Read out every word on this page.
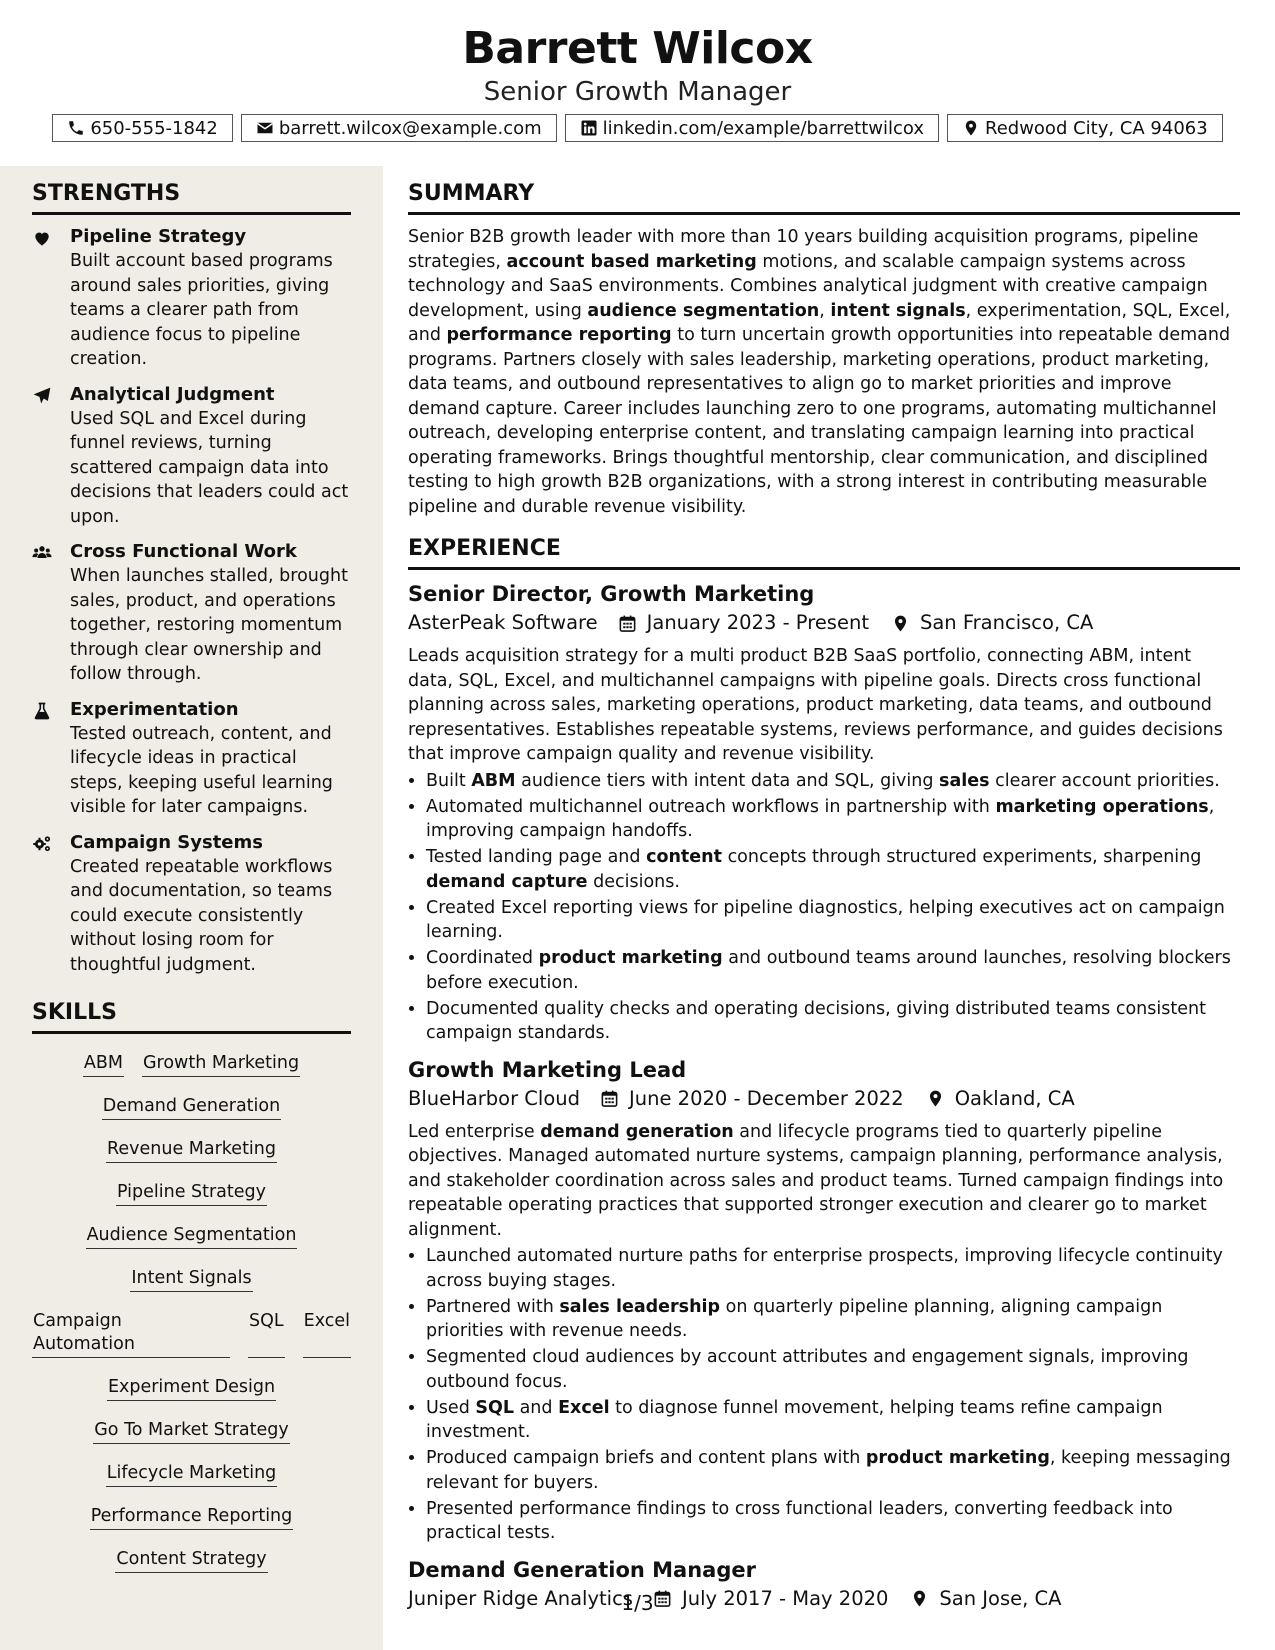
Barrett Wilcox
Senior Growth Manager
650-555-1842	barrett.wilcox@example.com	linkedin.com/example/barrettwilcox	Redwood City, CA 94063
STRENGTHS
Pipeline Strategy
Built account based programs around sales priorities, giving teams a clearer path from audience focus to pipeline creation.
Analytical Judgment
Used SQL and Excel during funnel reviews, turning scattered campaign data into decisions that leaders could act upon.
Cross Functional Work
When launches stalled, brought sales, product, and operations together, restoring momentum through clear ownership and follow through.
Experimentation
Tested outreach, content, and lifecycle ideas in practical steps, keeping useful learning visible for later campaigns.
Campaign Systems
Created repeatable workflows and documentation, so teams could execute consistently without losing room for thoughtful judgment.
SKILLS
ABM Growth Marketing
Demand Generation
Revenue Marketing
Pipeline Strategy
Audience Segmentation
Intent Signals
Campaign Automation
SQL Excel
Experiment Design
Go To Market Strategy
Lifecycle Marketing
Performance Reporting
Content Strategy
SUMMARY
Senior B2B growth leader with more than 10 years building acquisition programs, pipeline strategies, account based marketing motions, and scalable campaign systems across technology and SaaS environments. Combines analytical judgment with creative campaign development, using audience segmentation, intent signals, experimentation, SQL, Excel, and performance reporting to turn uncertain growth opportunities into repeatable demand programs. Partners closely with sales leadership, marketing operations, product marketing, data teams, and outbound representatives to align go to market priorities and improve demand capture. Career includes launching zero to one programs, automating multichannel outreach, developing enterprise content, and translating campaign learning into practical operating frameworks. Brings thoughtful mentorship, clear communication, and disciplined testing to high growth B2B organizations, with a strong interest in contributing measurable pipeline and durable revenue visibility.
EXPERIENCE
Senior Director, Growth Marketing
AsterPeak Software	January 2023 - Present	San Francisco, CA
Leads acquisition strategy for a multi product B2B SaaS portfolio, connecting ABM, intent data, SQL, Excel, and multichannel campaigns with pipeline goals. Directs cross functional planning across sales, marketing operations, product marketing, data teams, and outbound representatives. Establishes repeatable systems, reviews performance, and guides decisions that improve campaign quality and revenue visibility.
• Built ABM audience tiers with intent data and SQL, giving sales clearer account priorities.
• Automated multichannel outreach workflows in partnership with marketing operations, improving campaign handoffs.
• Tested landing page and content concepts through structured experiments, sharpening demand capture decisions.
• Created Excel reporting views for pipeline diagnostics, helping executives act on campaign learning.
• Coordinated product marketing and outbound teams around launches, resolving blockers before execution.
• Documented quality checks and operating decisions, giving distributed teams consistent campaign standards.
Growth Marketing Lead
BlueHarbor Cloud	June 2020 - December 2022	Oakland, CA
Led enterprise demand generation and lifecycle programs tied to quarterly pipeline objectives. Managed automated nurture systems, campaign planning, performance analysis, and stakeholder coordination across sales and product teams. Turned campaign findings into repeatable operating practices that supported stronger execution and clearer go to market alignment.
• Launched automated nurture paths for enterprise prospects, improving lifecycle continuity across buying stages.
• Partnered with sales leadership on quarterly pipeline planning, aligning campaign priorities with revenue needs.
• Segmented cloud audiences by account attributes and engagement signals, improving outbound focus.
• Used SQL and Excel to diagnose funnel movement, helping teams refine campaign investment.
• Produced campaign briefs and content plans with product marketing, keeping messaging relevant for buyers.
• Presented performance findings to cross functional leaders, converting feedback into practical tests.
Demand Generation Manager
Juniper Ridge Analytics	July 2017 - May 2020	San Jose, CA
1/3
